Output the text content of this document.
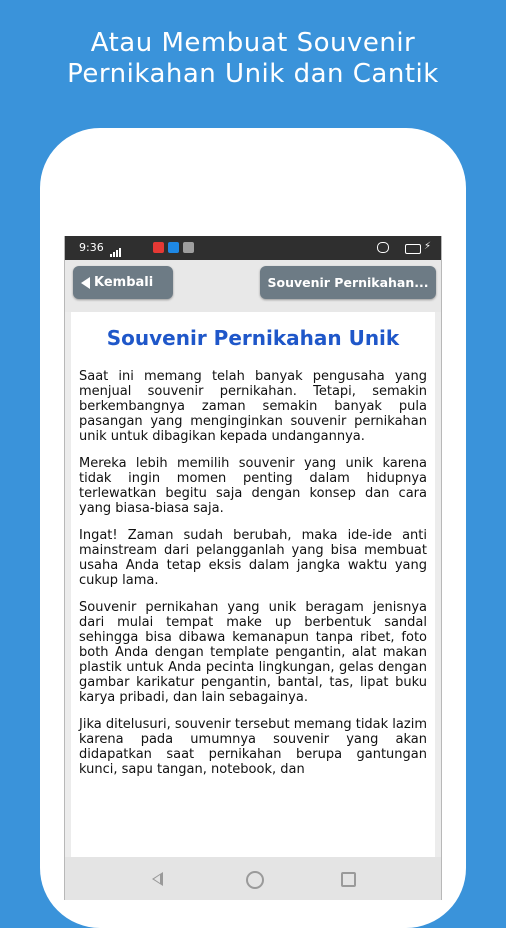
Atau Membuat Souvenir
Pernikahan Unik dan Cantik
9:36	⚡
Kembali	Souvenir Pernikahan...
Souvenir Pernikahan Unik

Saat ini memang telah banyak pengusaha yang menjual souvenir pernikahan. Tetapi, semakin berkembangnya zaman semakin banyak pula pasangan yang menginginkan souvenir pernikahan unik untuk dibagikan kepada undangannya.

Mereka lebih memilih souvenir yang unik karena tidak ingin momen penting dalam hidupnya terlewatkan begitu saja dengan konsep dan cara yang biasa-biasa saja.

Ingat! Zaman sudah berubah, maka ide-ide anti mainstream dari pelangganlah yang bisa membuat usaha Anda tetap eksis dalam jangka waktu yang cukup lama.

Souvenir pernikahan yang unik beragam jenisnya dari mulai tempat make up berbentuk sandal sehingga bisa dibawa kemanapun tanpa ribet, foto both Anda dengan template pengantin, alat makan plastik untuk Anda pecinta lingkungan, gelas dengan gambar karikatur pengantin, bantal, tas, lipat buku karya pribadi, dan lain sebagainya.

Jika ditelusuri, souvenir tersebut memang tidak lazim karena pada umumnya souvenir yang akan didapatkan saat pernikahan berupa gantungan kunci, sapu tangan, notebook, dan
